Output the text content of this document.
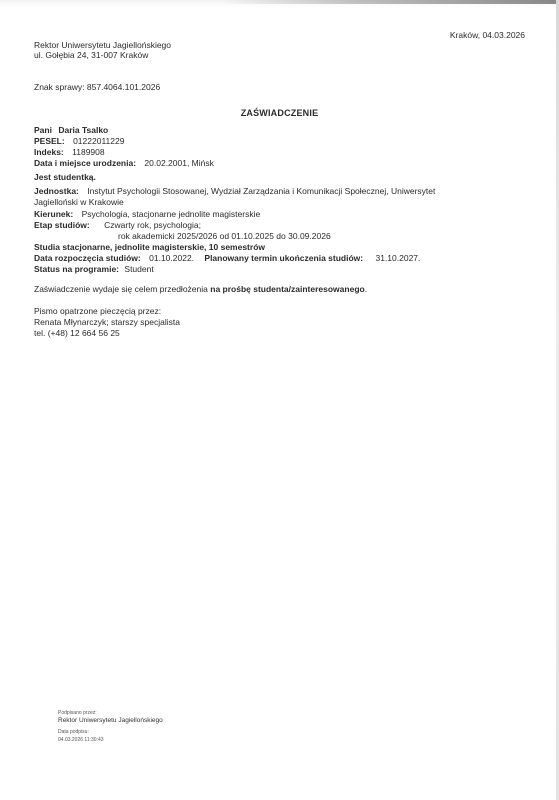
Kraków, 04.03.2026
Rektor Uniwersytetu Jagiellońskiego
ul. Gołębia 24, 31-007 Kraków
Znak sprawy: 857.4064.101.2026
ZAŚWIADCZENIE
Pani Daria Tsalko
PESEL: 01222011229
Indeks: 1189908
Data i miejsce urodzenia: 20.02.2001, Mińsk
Jest studentką.
Jednostka: Instytut Psychologii Stosowanej, Wydział Zarządzania i Komunikacji Społecznej, Uniwersytet
Jagielloński w Krakowie
Kierunek: Psychologia, stacjonarne jednolite magisterskie
Etap studiów: Czwarty rok, psychologia;
rok akademicki 2025/2026 od 01.10.2025 do 30.09.2026
Studia stacjonarne, jednolite magisterskie, 10 semestrów
Data rozpoczęcia studiów: 01.10.2022. Planowany termin ukończenia studiów: 31.10.2027.
Status na programie: Student
Zaświadczenie wydaje się celem przedłożenia na prośbę studenta/zainteresowanego.
Pismo opatrzone pieczęcią przez:
Renata Młynarczyk; starszy specjalista
tel. (+48) 12 664 56 25
Podpisano przez:
Rektor Uniwersytetu Jagiellońskiego
Data podpisu:
04.03.2026 11:30:43
